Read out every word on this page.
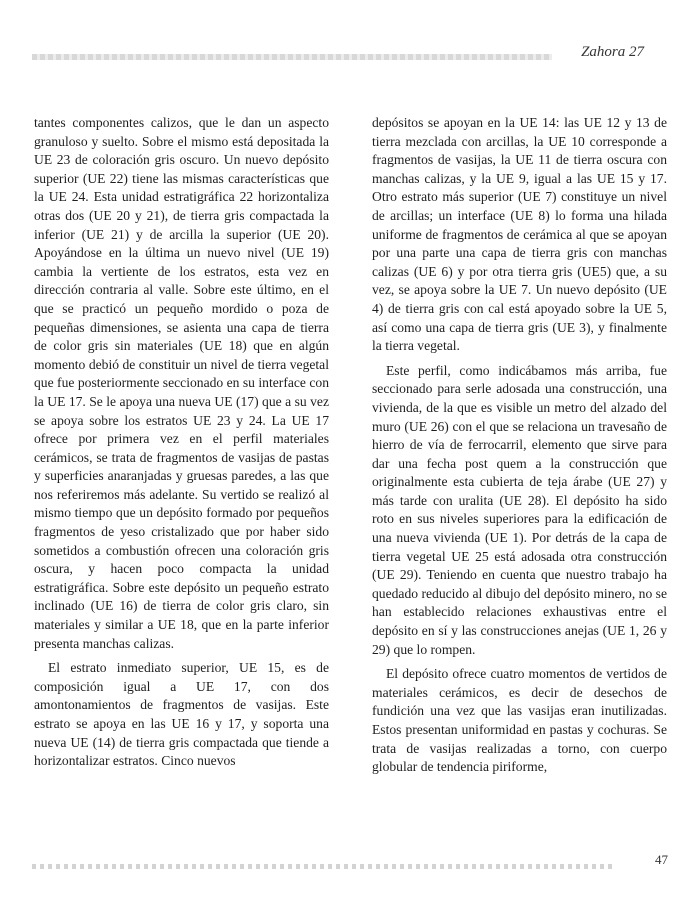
Zahora 27

tantes componentes calizos, que le dan un aspecto granuloso y suelto. Sobre el mismo está depositada la UE 23 de coloración gris oscuro. Un nuevo depósito superior (UE 22) tiene las mismas características que la UE 24. Esta unidad estratigráfica 22 horizontaliza otras dos (UE 20 y 21), de tierra gris compactada la inferior (UE 21) y de arcilla la superior (UE 20). Apoyándose en la última un nuevo nivel (UE 19) cambia la vertiente de los estratos, esta vez en dirección contraria al valle. Sobre este último, en el que se practicó un pequeño mordido o poza de pequeñas dimensiones, se asienta una capa de tierra de color gris sin materiales (UE 18) que en algún momento debió de constituir un nivel de tierra vegetal que fue posteriormente seccionado en su interface con la UE 17. Se le apoya una nueva UE (17) que a su vez se apoya sobre los estratos UE 23 y 24. La UE 17 ofrece por primera vez en el perfil materiales cerámicos, se trata de fragmentos de vasijas de pastas y superficies anaranjadas y gruesas paredes, a las que nos referiremos más adelante. Su vertido se realizó al mismo tiempo que un depósito formado por pequeños fragmentos de yeso cristalizado que por haber sido sometidos a combustión ofrecen una coloración gris oscura, y hacen poco compacta la unidad estratigráfica. Sobre este depósito un pequeño estrato inclinado (UE 16) de tierra de color gris claro, sin materiales y similar a UE 18, que en la parte inferior presenta manchas calizas.

El estrato inmediato superior, UE 15, es de composición igual a UE 17, con dos amontonamientos de fragmentos de vasijas. Este estrato se apoya en las UE 16 y 17, y soporta una nueva UE (14) de tierra gris compactada que tiende a horizontalizar estratos. Cinco nuevos

depósitos se apoyan en la UE 14: las UE 12 y 13 de tierra mezclada con arcillas, la UE 10 corresponde a fragmentos de vasijas, la UE 11 de tierra oscura con manchas calizas, y la UE 9, igual a las UE 15 y 17. Otro estrato más superior (UE 7) constituye un nivel de arcillas; un interface (UE 8) lo forma una hilada uniforme de fragmentos de cerámica al que se apoyan por una parte una capa de tierra gris con manchas calizas (UE 6) y por otra tierra gris (UE5) que, a su vez, se apoya sobre la UE 7. Un nuevo depósito (UE 4) de tierra gris con cal está apoyado sobre la UE 5, así como una capa de tierra gris (UE 3), y finalmente la tierra vegetal.

Este perfil, como indicábamos más arriba, fue seccionado para serle adosada una construcción, una vivienda, de la que es visible un metro del alzado del muro (UE 26) con el que se relaciona un travesaño de hierro de vía de ferrocarril, elemento que sirve para dar una fecha post quem a la construcción que originalmente esta cubierta de teja árabe (UE 27) y más tarde con uralita (UE 28). El depósito ha sido roto en sus niveles superiores para la edificación de una nueva vivienda (UE 1). Por detrás de la capa de tierra vegetal UE 25 está adosada otra construcción (UE 29). Teniendo en cuenta que nuestro trabajo ha quedado reducido al dibujo del depósito minero, no se han establecido relaciones exhaustivas entre el depósito en sí y las construcciones anejas (UE 1, 26 y 29) que lo rompen.

El depósito ofrece cuatro momentos de vertidos de materiales cerámicos, es decir de desechos de fundición una vez que las vasijas eran inutilizadas. Estos presentan uniformidad en pastas y cochuras. Se trata de vasijas realizadas a torno, con cuerpo globular de tendencia piriforme,

47
